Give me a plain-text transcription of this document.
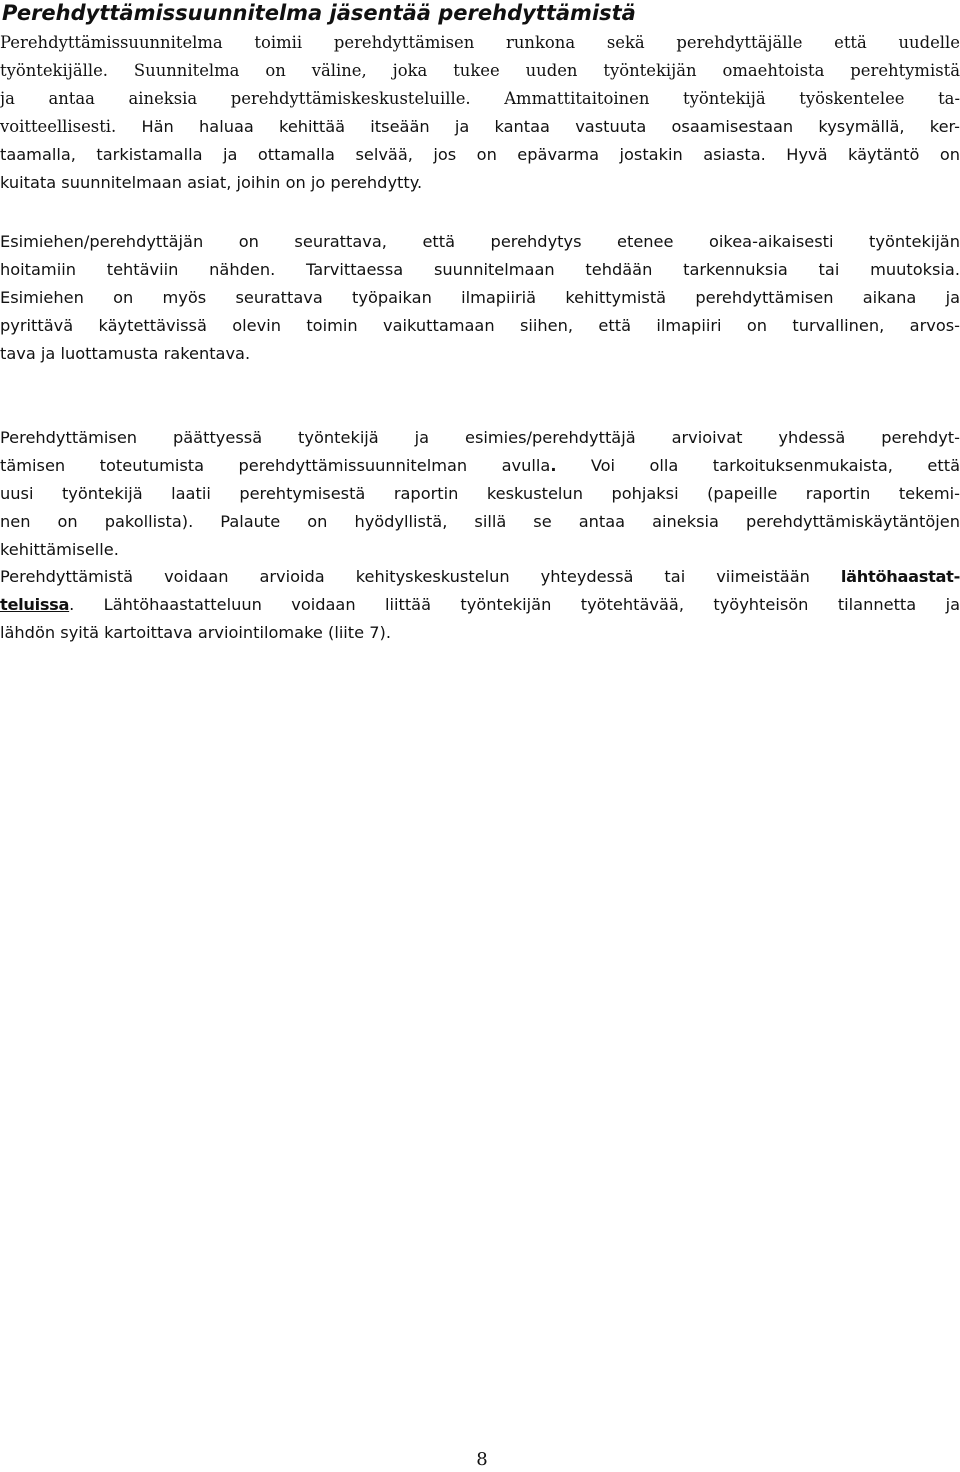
Perehdyttämissuunnitelma jäsentää perehdyttämistä
Perehdyttämissuunnitelma toimii perehdyttämisen runkona sekä perehdyttäjälle että uudelle
työntekijälle. Suunnitelma on väline, joka tukee uuden työntekijän omaehtoista perehtymistä
ja antaa aineksia perehdyttämiskeskusteluille. Ammattitaitoinen työntekijä työskentelee ta-
voitteellisesti. Hän haluaa kehittää itseään ja kantaa vastuuta osaamisestaan kysymällä, ker-
taamalla, tarkistamalla ja ottamalla selvää, jos on epävarma jostakin asiasta. Hyvä käytäntö on
kuitata suunnitelmaan asiat, joihin on jo perehdytty.
Esimiehen/perehdyttäjän on seurattava, että perehdytys etenee oikea-aikaisesti työntekijän
hoitamiin tehtäviin nähden. Tarvittaessa suunnitelmaan tehdään tarkennuksia tai muutoksia.
Esimiehen on myös seurattava työpaikan ilmapiiriä kehittymistä perehdyttämisen aikana ja
pyrittävä käytettävissä olevin toimin vaikuttamaan siihen, että ilmapiiri on turvallinen, arvos-
tava ja luottamusta rakentava.
Perehdyttämisen päättyessä työntekijä ja esimies/perehdyttäjä arvioivat yhdessä perehdyt-
tämisen toteutumista perehdyttämissuunnitelman avulla. Voi olla tarkoituksenmukaista, että
uusi työntekijä laatii perehtymisestä raportin keskustelun pohjaksi (papeille raportin tekemi-
nen on pakollista). Palaute on hyödyllistä, sillä se antaa aineksia perehdyttämiskäytäntöjen
kehittämiselle.
Perehdyttämistä voidaan arvioida kehityskeskustelun yhteydessä tai viimeistään lähtöhaastat-
teluissa. Lähtöhaastatteluun voidaan liittää työntekijän työtehtävää, työyhteisön tilannetta ja
lähdön syitä kartoittava arviointilomake (liite 7).
8
